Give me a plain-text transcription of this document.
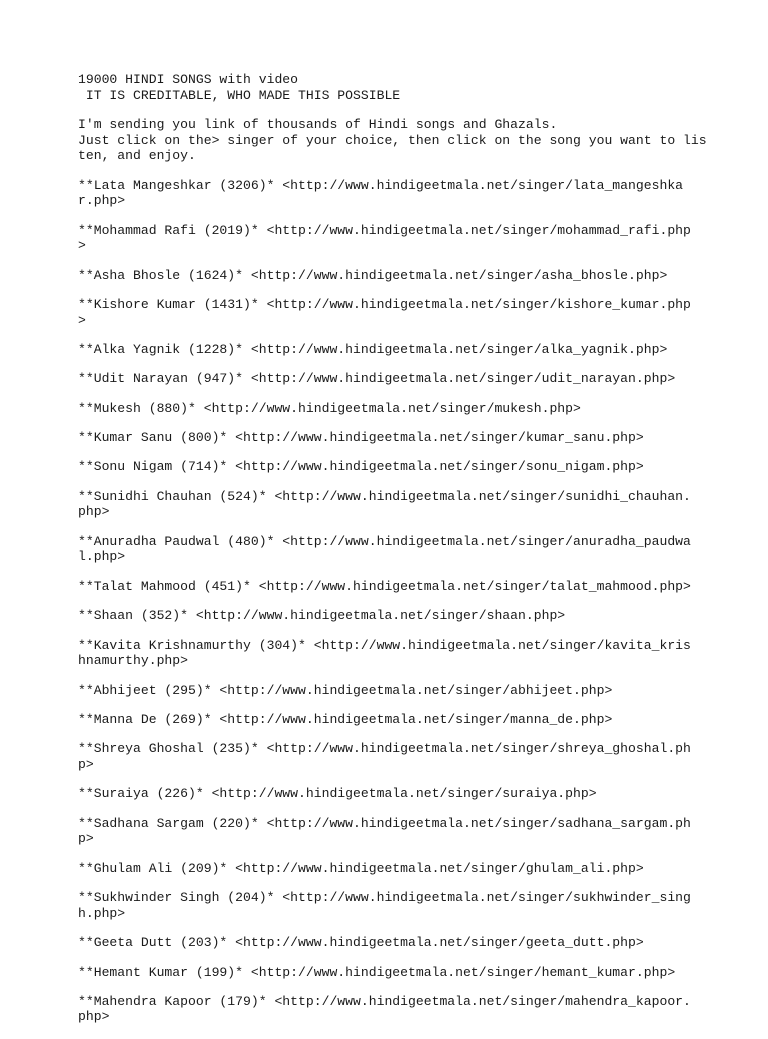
19000 HINDI SONGS with video

IT IS CREDITABLE, WHO MADE THIS POSSIBLE

I'm sending you link of thousands of Hindi songs and Ghazals.

Just click on the> singer of your choice, then click on the song you want to lis

ten, and enjoy.

**Lata Mangeshkar (3206)* <http://www.hindigeetmala.net/singer/lata_mangeshkar.php>

**Mohammad Rafi (2019)* <http://www.hindigeetmala.net/singer/mohammad_rafi.php>

**Asha Bhosle (1624)* <http://www.hindigeetmala.net/singer/asha_bhosle.php>

**Kishore Kumar (1431)* <http://www.hindigeetmala.net/singer/kishore_kumar.php>

**Alka Yagnik (1228)* <http://www.hindigeetmala.net/singer/alka_yagnik.php>

**Udit Narayan (947)* <http://www.hindigeetmala.net/singer/udit_narayan.php>

**Mukesh (880)* <http://www.hindigeetmala.net/singer/mukesh.php>

**Kumar Sanu (800)* <http://www.hindigeetmala.net/singer/kumar_sanu.php>

**Sonu Nigam (714)* <http://www.hindigeetmala.net/singer/sonu_nigam.php>

**Sunidhi Chauhan (524)* <http://www.hindigeetmala.net/singer/sunidhi_chauhan.php>

**Anuradha Paudwal (480)* <http://www.hindigeetmala.net/singer/anuradha_paudwal.php>

**Talat Mahmood (451)* <http://www.hindigeetmala.net/singer/talat_mahmood.php>

**Shaan (352)* <http://www.hindigeetmala.net/singer/shaan.php>

**Kavita Krishnamurthy (304)* <http://www.hindigeetmala.net/singer/kavita_krishnamurthy.php>

**Abhijeet (295)* <http://www.hindigeetmala.net/singer/abhijeet.php>

**Manna De (269)* <http://www.hindigeetmala.net/singer/manna_de.php>

**Shreya Ghoshal (235)* <http://www.hindigeetmala.net/singer/shreya_ghoshal.php>

**Suraiya (226)* <http://www.hindigeetmala.net/singer/suraiya.php>

**Sadhana Sargam (220)* <http://www.hindigeetmala.net/singer/sadhana_sargam.php>

**Ghulam Ali (209)* <http://www.hindigeetmala.net/singer/ghulam_ali.php>

**Sukhwinder Singh (204)* <http://www.hindigeetmala.net/singer/sukhwinder_singh.php>

**Geeta Dutt (203)* <http://www.hindigeetmala.net/singer/geeta_dutt.php>

**Hemant Kumar (199)* <http://www.hindigeetmala.net/singer/hemant_kumar.php>

**Mahendra Kapoor (179)* <http://www.hindigeetmala.net/singer/mahendra_kapoor.php>
